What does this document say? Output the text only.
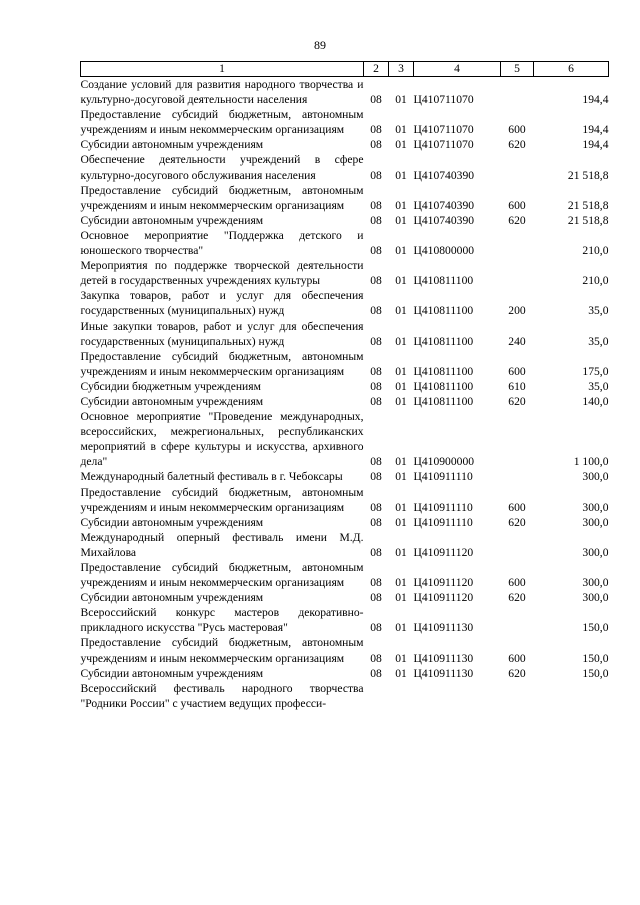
89
1	2	3	4	5	6
Создание условий для развития народного творчества и культурно-досуговой деятельности населения	08	01	Ц410711070		194,4
Предоставление субсидий бюджетным, автономным учреждениям и иным некоммерческим организациям	08	01	Ц410711070	600	194,4
Субсидии автономным учреждениям	08	01	Ц410711070	620	194,4
Обеспечение деятельности учреждений в сфере культурно-досугового обслуживания населения	08	01	Ц410740390		21 518,8
Предоставление субсидий бюджетным, автономным учреждениям и иным некоммерческим организациям	08	01	Ц410740390	600	21 518,8
Субсидии автономным учреждениям	08	01	Ц410740390	620	21 518,8
Основное мероприятие "Поддержка детского и юношеского творчества"	08	01	Ц410800000		210,0
Мероприятия по поддержке творческой деятельности детей в государственных учреждениях культуры	08	01	Ц410811100		210,0
Закупка товаров, работ и услуг для обеспечения государственных (муниципальных) нужд	08	01	Ц410811100	200	35,0
Иные закупки товаров, работ и услуг для обеспечения государственных (муниципальных) нужд	08	01	Ц410811100	240	35,0
Предоставление субсидий бюджетным, автономным учреждениям и иным некоммерческим организациям	08	01	Ц410811100	600	175,0
Субсидии бюджетным учреждениям	08	01	Ц410811100	610	35,0
Субсидии автономным учреждениям	08	01	Ц410811100	620	140,0
Основное мероприятие "Проведение международных, всероссийских, межрегиональных, республиканских мероприятий в сфере культуры и искусства, архивного дела"	08	01	Ц410900000		1 100,0
Международный балетный фестиваль в г. Чебоксары	08	01	Ц410911110		300,0
Предоставление субсидий бюджетным, автономным учреждениям и иным некоммерческим организациям	08	01	Ц410911110	600	300,0
Субсидии автономным учреждениям	08	01	Ц410911110	620	300,0
Международный оперный фестиваль имени М.Д. Михайлова	08	01	Ц410911120		300,0
Предоставление субсидий бюджетным, автономным учреждениям и иным некоммерческим организациям	08	01	Ц410911120	600	300,0
Субсидии автономным учреждениям	08	01	Ц410911120	620	300,0
Всероссийский конкурс мастеров декоративно-прикладного искусства "Русь мастеровая"	08	01	Ц410911130		150,0
Предоставление субсидий бюджетным, автономным учреждениям и иным некоммерческим организациям	08	01	Ц410911130	600	150,0
Субсидии автономным учреждениям	08	01	Ц410911130	620	150,0
Всероссийский фестиваль народного творчества "Родники России" с участием ведущих професси-					
